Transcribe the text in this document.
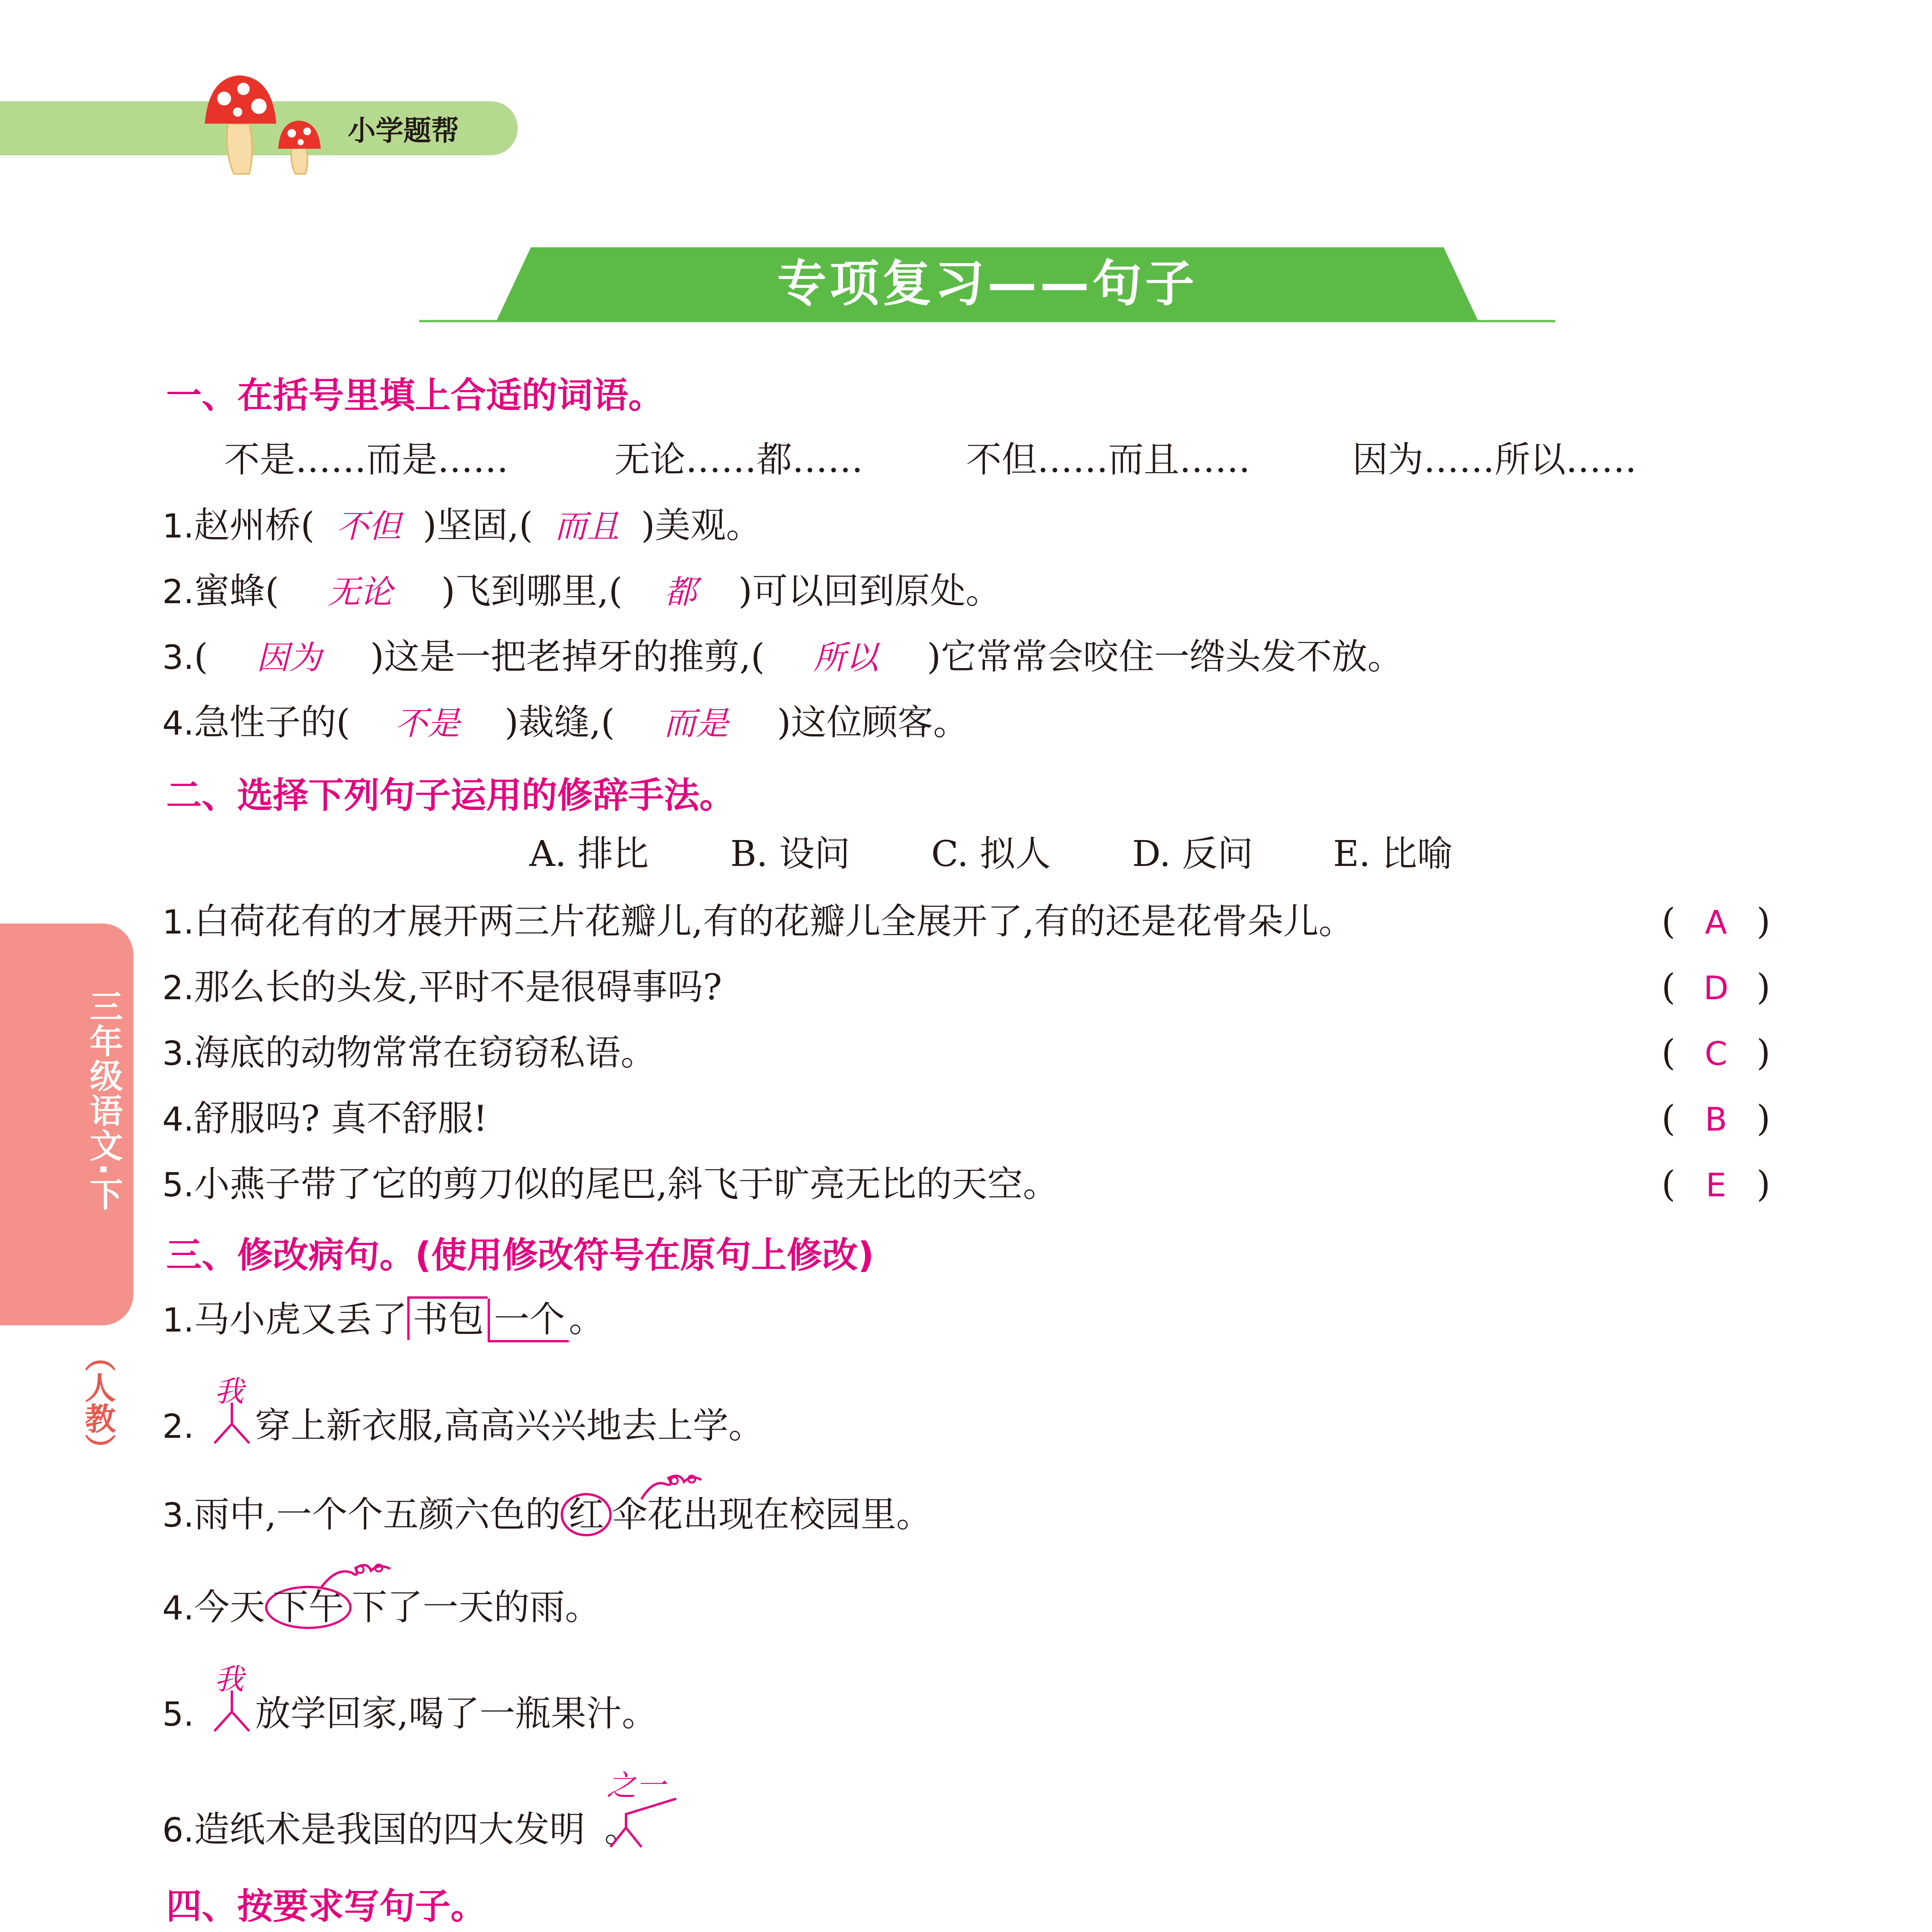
小学题帮
专项复习——句子
三年级语文·下
（人教）
一、在括号里填上合适的词语。
不是……而是……	无论……都……	不但……而且……	因为……所以……
1.赵州桥( 不但 )坚固,( 而且 )美观。
2.蜜蜂( 无论 )飞到哪里,( 都 )可以回到原处。
3.( 因为 )这是一把老掉牙的推剪,( 所以 )它常常会咬住一绺头发不放。
4.急性子的( 不是 )裁缝,( 而是 )这位顾客。
二、选择下列句子运用的修辞手法。
A. 排比 B. 设问 C. 拟人 D. 反问 E. 比喻
1.白荷花有的才展开两三片花瓣儿,有的花瓣儿全展开了,有的还是花骨朵儿。	( A )
2.那么长的头发,平时不是很碍事吗?	( D )
3.海底的动物常常在窃窃私语。	( C )
4.舒服吗? 真不舒服!	( B )
5.小燕子带了它的剪刀似的尾巴,斜飞于旷亮无比的天空。	( E )
三、修改病句。(使用修改符号在原句上修改)
1.马小虎又丢了 书包 一个 。
2.
我
穿上新衣服,高高兴兴地去上学。
3.雨中,一个个五颜六色的 红 伞花出现在校园里。
4.今天 下午 下了一天的雨。
5.
我
放学回家,喝了一瓶果汁。
6.造纸术是我国的四大发明 。
之一
四、按要求写句子。
